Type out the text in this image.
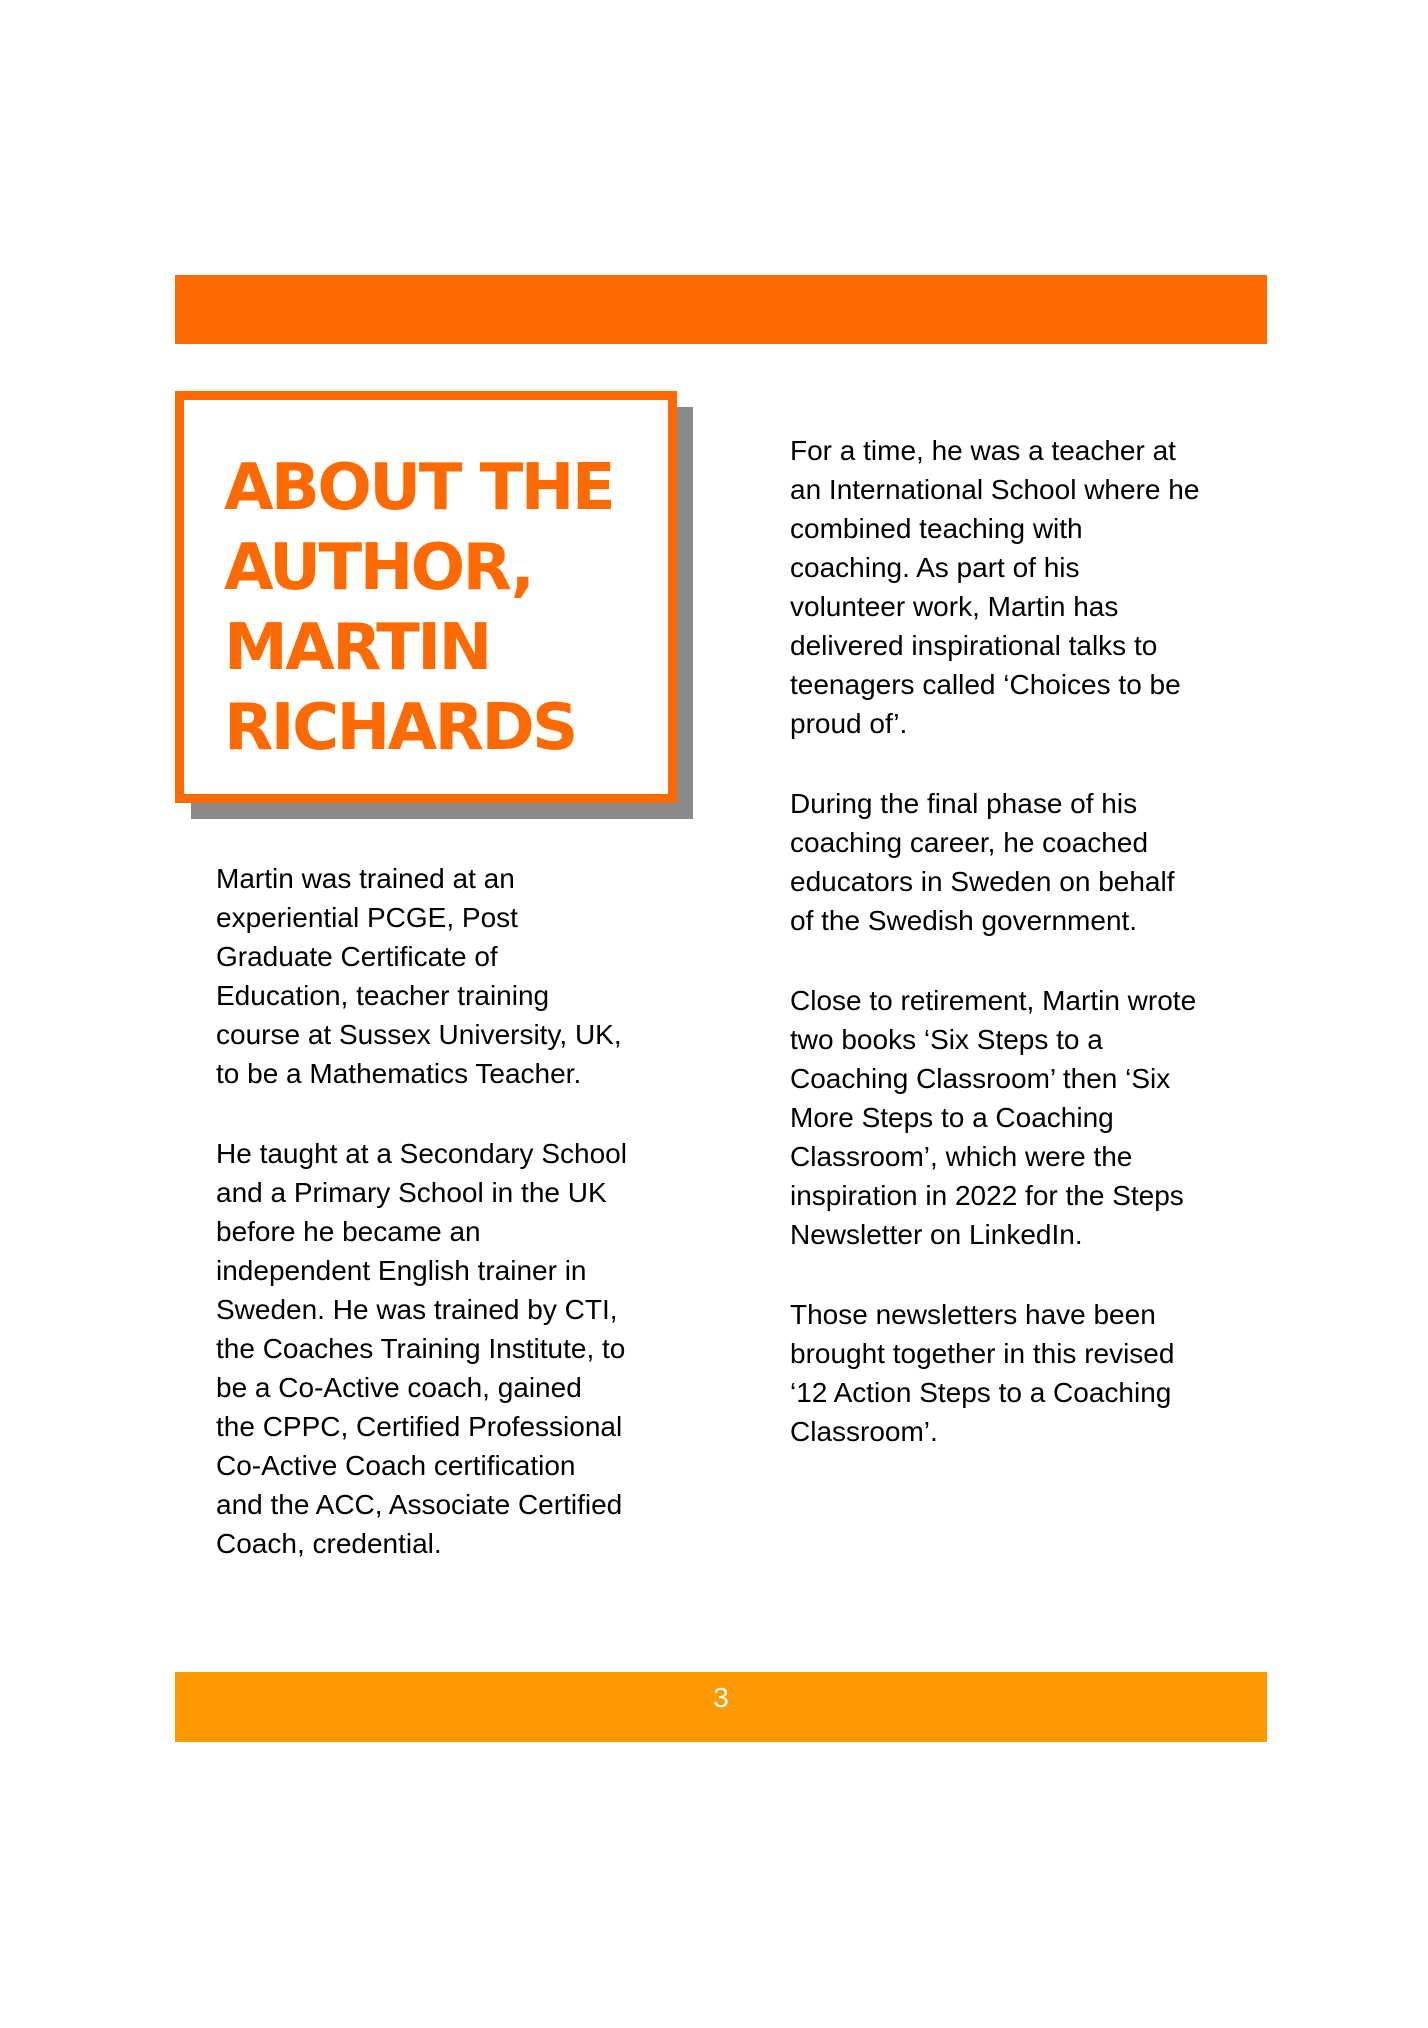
ABOUT THE
AUTHOR,
MARTIN
RICHARDS

Martin was trained at an
experiential PCGE, Post
Graduate Certificate of
Education, teacher training
course at Sussex University, UK,
to be a Mathematics Teacher.

He taught at a Secondary School
and a Primary School in the UK
before he became an
independent English trainer in
Sweden. He was trained by CTI,
the Coaches Training Institute, to
be a Co-Active coach, gained
the CPPC, Certified Professional
Co-Active Coach certification
and the ACC, Associate Certified
Coach, credential.

For a time, he was a teacher at
an International School where he
combined teaching with
coaching. As part of his
volunteer work, Martin has
delivered inspirational talks to
teenagers called ‘Choices to be
proud of’.

During the final phase of his
coaching career, he coached
educators in Sweden on behalf
of the Swedish government.

Close to retirement, Martin wrote
two books ‘Six Steps to a
Coaching Classroom’ then ‘Six
More Steps to a Coaching
Classroom’, which were the
inspiration in 2022 for the Steps
Newsletter on LinkedIn.

Those newsletters have been
brought together in this revised
‘12 Action Steps to a Coaching
Classroom’.

3
